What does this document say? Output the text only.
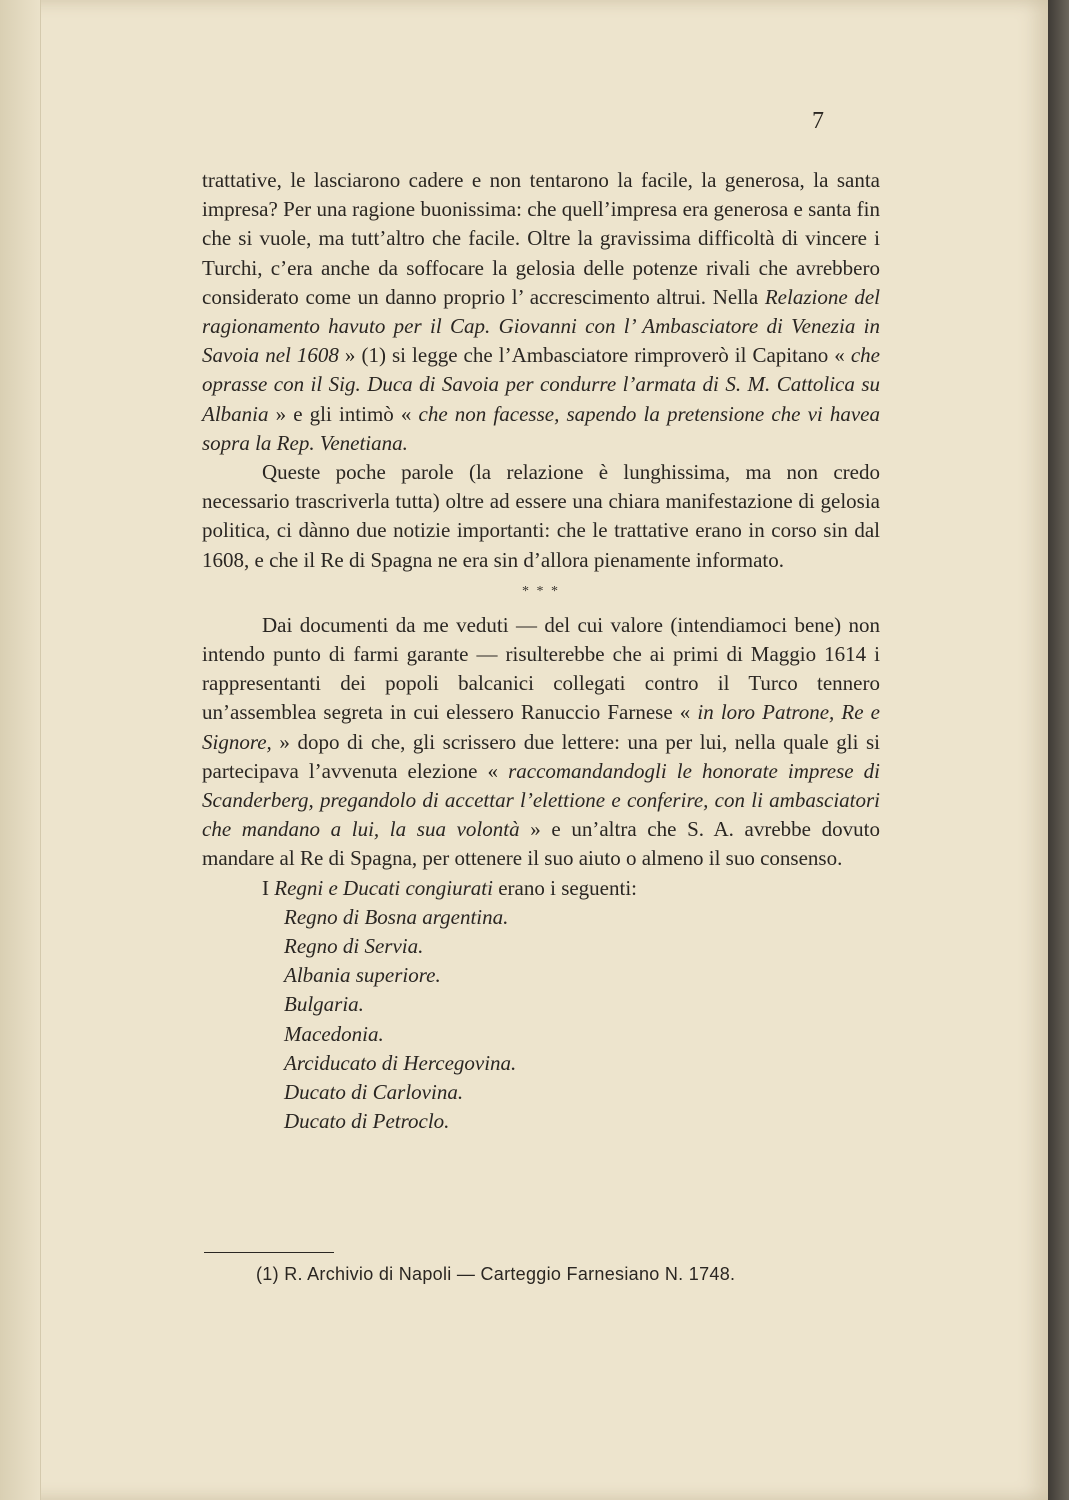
7

trattative, le lasciarono cadere e non tentarono la facile, la generosa, la santa impresa? Per una ragione buonissima: che quell’impresa era generosa e santa fin che si vuole, ma tutt’altro che facile. Oltre la gravissima difficoltà di vincere i Turchi, c’era anche da soffocare la gelosia delle potenze rivali che avrebbero considerato come un danno proprio l’ accrescimento altrui. Nella Relazione del ragionamento havuto per il Cap. Giovanni con l’ Ambasciatore di Venezia in Savoia nel 1608 » (1) si legge che l’Ambasciatore rimproverò il Capitano « che oprasse con il Sig. Duca di Savoia per condurre l’armata di S. M. Cattolica su Albania » e gli intimò « che non facesse, sapendo la pretensione che vi havea sopra la Rep. Venetiana.

Queste poche parole (la relazione è lunghissima, ma non credo necessario trascriverla tutta) oltre ad essere una chiara manifestazione di gelosia politica, ci dànno due notizie importanti: che le trattative erano in corso sin dal 1608, e che il Re di Spagna ne era sin d’allora pienamente informato.

* * *

Dai documenti da me veduti — del cui valore (intendiamoci bene) non intendo punto di farmi garante — risulterebbe che ai primi di Maggio 1614 i rappresentanti dei popoli balcanici collegati contro il Turco tennero un’assemblea segreta in cui elessero Ranuccio Farnese « in loro Patrone, Re e Signore, » dopo di che, gli scrissero due lettere: una per lui, nella quale gli si partecipava l’avvenuta elezione « raccomandandogli le honorate imprese di Scanderberg, pregandolo di accettar l’elettione e conferire, con li ambasciatori che mandano a lui, la sua volontà » e un’altra che S. A. avrebbe dovuto mandare al Re di Spagna, per ottenere il suo aiuto o almeno il suo consenso.

I Regni e Ducati congiurati erano i seguenti:

Regno di Bosna argentina.
Regno di Servia.
Albania superiore.
Bulgaria.
Macedonia.
Arciducato di Hercegovina.
Ducato di Carlovina.
Ducato di Petroclo.
(1) R. Archivio di Napoli — Carteggio Farnesiano N. 1748.
